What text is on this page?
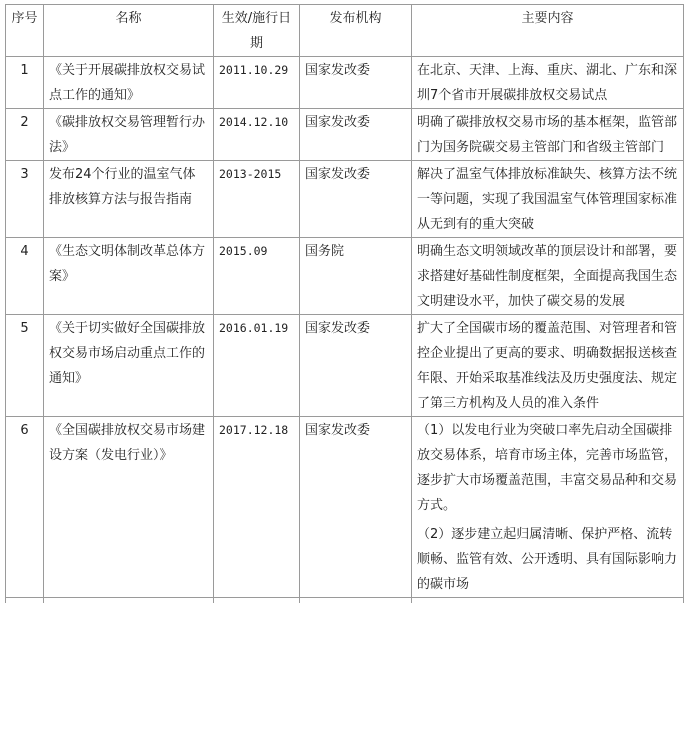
序号	名称	生效/施行日期	发布机构	主要内容
1	《关于开展碳排放权交易试点工作的通知》	2011.10.29	国家发改委	在北京、天津、上海、重庆、湖北、广东和深圳7个省市开展碳排放权交易试点

2	《碳排放权交易管理暂行办法》	2014.12.10	国家发改委	明确了碳排放权交易市场的基本框架，监管部门为国务院碳交易主管部门和省级主管部门

3	发布24个行业的温室气体排放核算方法与报告指南	2013-2015	国家发改委	解决了温室气体排放标准缺失、核算方法不统一等问题，实现了我国温室气体管理国家标准从无到有的重大突破

4	《生态文明体制改革总体方案》	2015.09	国务院	明确生态文明领域改革的顶层设计和部署，要求搭建好基础性制度框架，全面提高我国生态文明建设水平，加快了碳交易的发展

5	《关于切实做好全国碳排放权交易市场启动重点工作的通知》	2016.01.19	国家发改委	扩大了全国碳市场的覆盖范围、对管理者和管控企业提出了更高的要求、明确数据报送核查年限、开始采取基准线法及历史强度法、规定了第三方机构及人员的准入条件

6	《全国碳排放权交易市场建设方案（发电行业）》	2017.12.18	国家发改委	（1）以发电行业为突破口率先启动全国碳排放交易体系，培育市场主体，完善市场监管，逐步扩大市场覆盖范围，丰富交易品种和交易方式。
（2）逐步建立起归属清晰、保护严格、流转顺畅、监管有效、公开透明、具有国际影响力的碳市场
